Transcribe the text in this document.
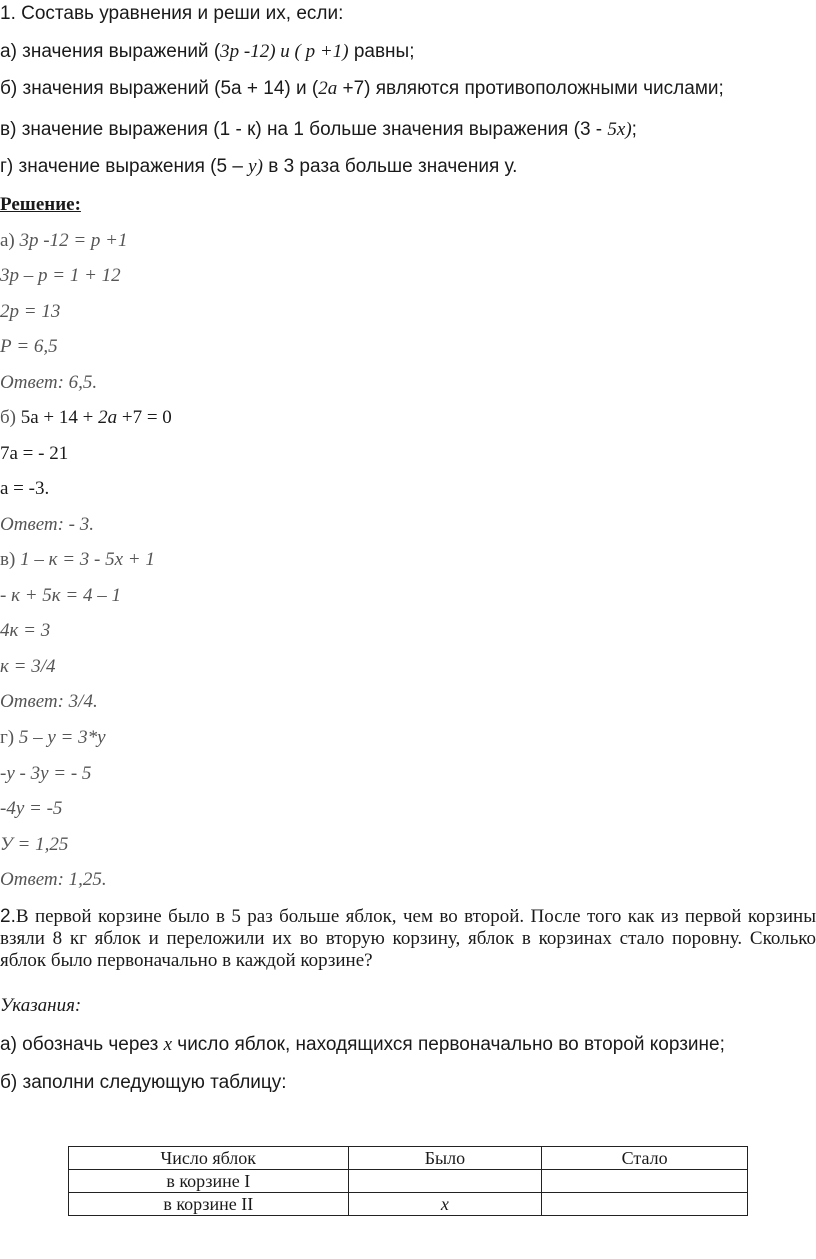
1. Составь уравнения и реши их, если:
а) значения выражений (3р -12) и ( р +1) равны;
б) значения выражений (5а + 14) и (2а +7) являются противоположными числами;
в) значение выражения (1 - к) на 1 больше значения выражения (3 - 5х);
г) значение выражения (5 – у) в 3 раза больше значения у.
Решение:
а) 3р -12 = р +1
3р – р = 1 + 12
2р = 13
Р = 6,5
Ответ: 6,5.
б) 5а + 14 + 2а +7 = 0
7а = - 21
а = -3.
Ответ: - 3.
в) 1 – к = 3 - 5х + 1
- к + 5к = 4 – 1
4к = 3
к = 3/4
Ответ: 3/4.
г) 5 – у = 3*у
-у - 3у = - 5
-4у = -5
У = 1,25
Ответ: 1,25.
2.В первой корзине было в 5 раз больше яблок, чем во второй. После того как из первой корзины взяли 8 кг яблок и переложили их во вторую корзину, яблок в корзинах стало поровну. Сколько яблок было первоначально в каждой корзине?
Указания:
а) обозначь через х число яблок, находящихся первоначально во второй корзине;
б) заполни следующую таблицу:
Число яблок	Было	Стало
в корзине I		
в корзине II	х	
